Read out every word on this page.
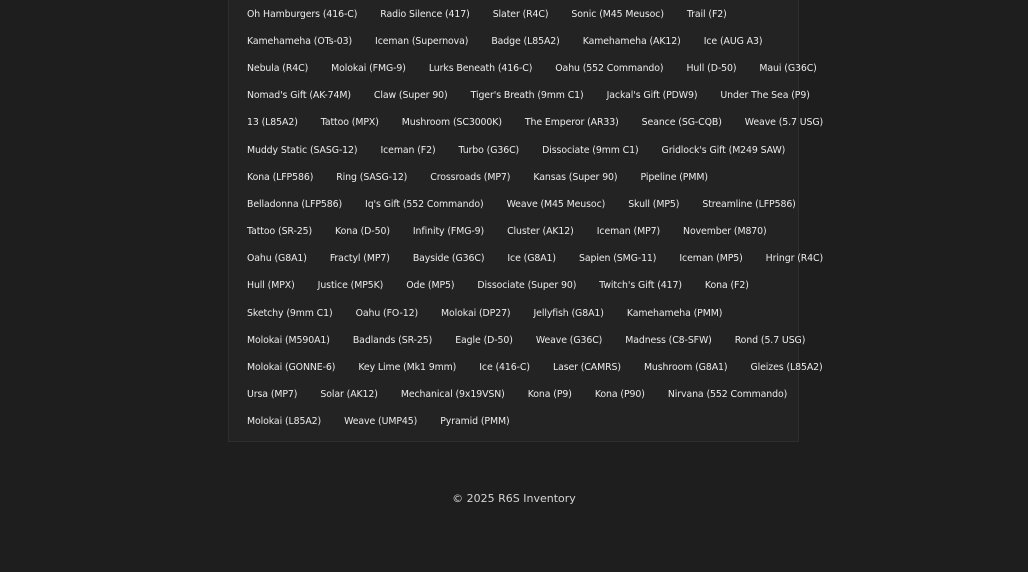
Oh Hamburgers (416-C)	Radio Silence (417)	Slater (R4C)	Sonic (M45 Meusoc)	Trail (F2)
Kamehameha (OTs-03)	Iceman (Supernova)	Badge (L85A2)	Kamehameha (AK12)	Ice (AUG A3)
Nebula (R4C)	Molokai (FMG-9)	Lurks Beneath (416-C)	Oahu (552 Commando)	Hull (D-50)	Maui (G36C)
Nomad's Gift (AK-74M)	Claw (Super 90)	Tiger's Breath (9mm C1)	Jackal's Gift (PDW9)	Under The Sea (P9)
13 (L85A2)	Tattoo (MPX)	Mushroom (SC3000K)	The Emperor (AR33)	Seance (SG-CQB)	Weave (5.7 USG)
Muddy Static (SASG-12)	Iceman (F2)	Turbo (G36C)	Dissociate (9mm C1)	Gridlock's Gift (M249 SAW)
Kona (LFP586)	Ring (SASG-12)	Crossroads (MP7)	Kansas (Super 90)	Pipeline (PMM)
Belladonna (LFP586)	Iq's Gift (552 Commando)	Weave (M45 Meusoc)	Skull (MP5)	Streamline (LFP586)
Tattoo (SR-25)	Kona (D-50)	Infinity (FMG-9)	Cluster (AK12)	Iceman (MP7)	November (M870)
Oahu (G8A1)	Fractyl (MP7)	Bayside (G36C)	Ice (G8A1)	Sapien (SMG-11)	Iceman (MP5)	Hringr (R4C)
Hull (MPX)	Justice (MP5K)	Ode (MP5)	Dissociate (Super 90)	Twitch's Gift (417)	Kona (F2)
Sketchy (9mm C1)	Oahu (FO-12)	Molokai (DP27)	Jellyfish (G8A1)	Kamehameha (PMM)
Molokai (M590A1)	Badlands (SR-25)	Eagle (D-50)	Weave (G36C)	Madness (C8-SFW)	Rond (5.7 USG)
Molokai (GONNE-6)	Key Lime (Mk1 9mm)	Ice (416-C)	Laser (CAMRS)	Mushroom (G8A1)	Gleizes (L85A2)
Ursa (MP7)	Solar (AK12)	Mechanical (9x19VSN)	Kona (P9)	Kona (P90)	Nirvana (552 Commando)
Molokai (L85A2)	Weave (UMP45)	Pyramid (PMM)
© 2025 R6S Inventory
